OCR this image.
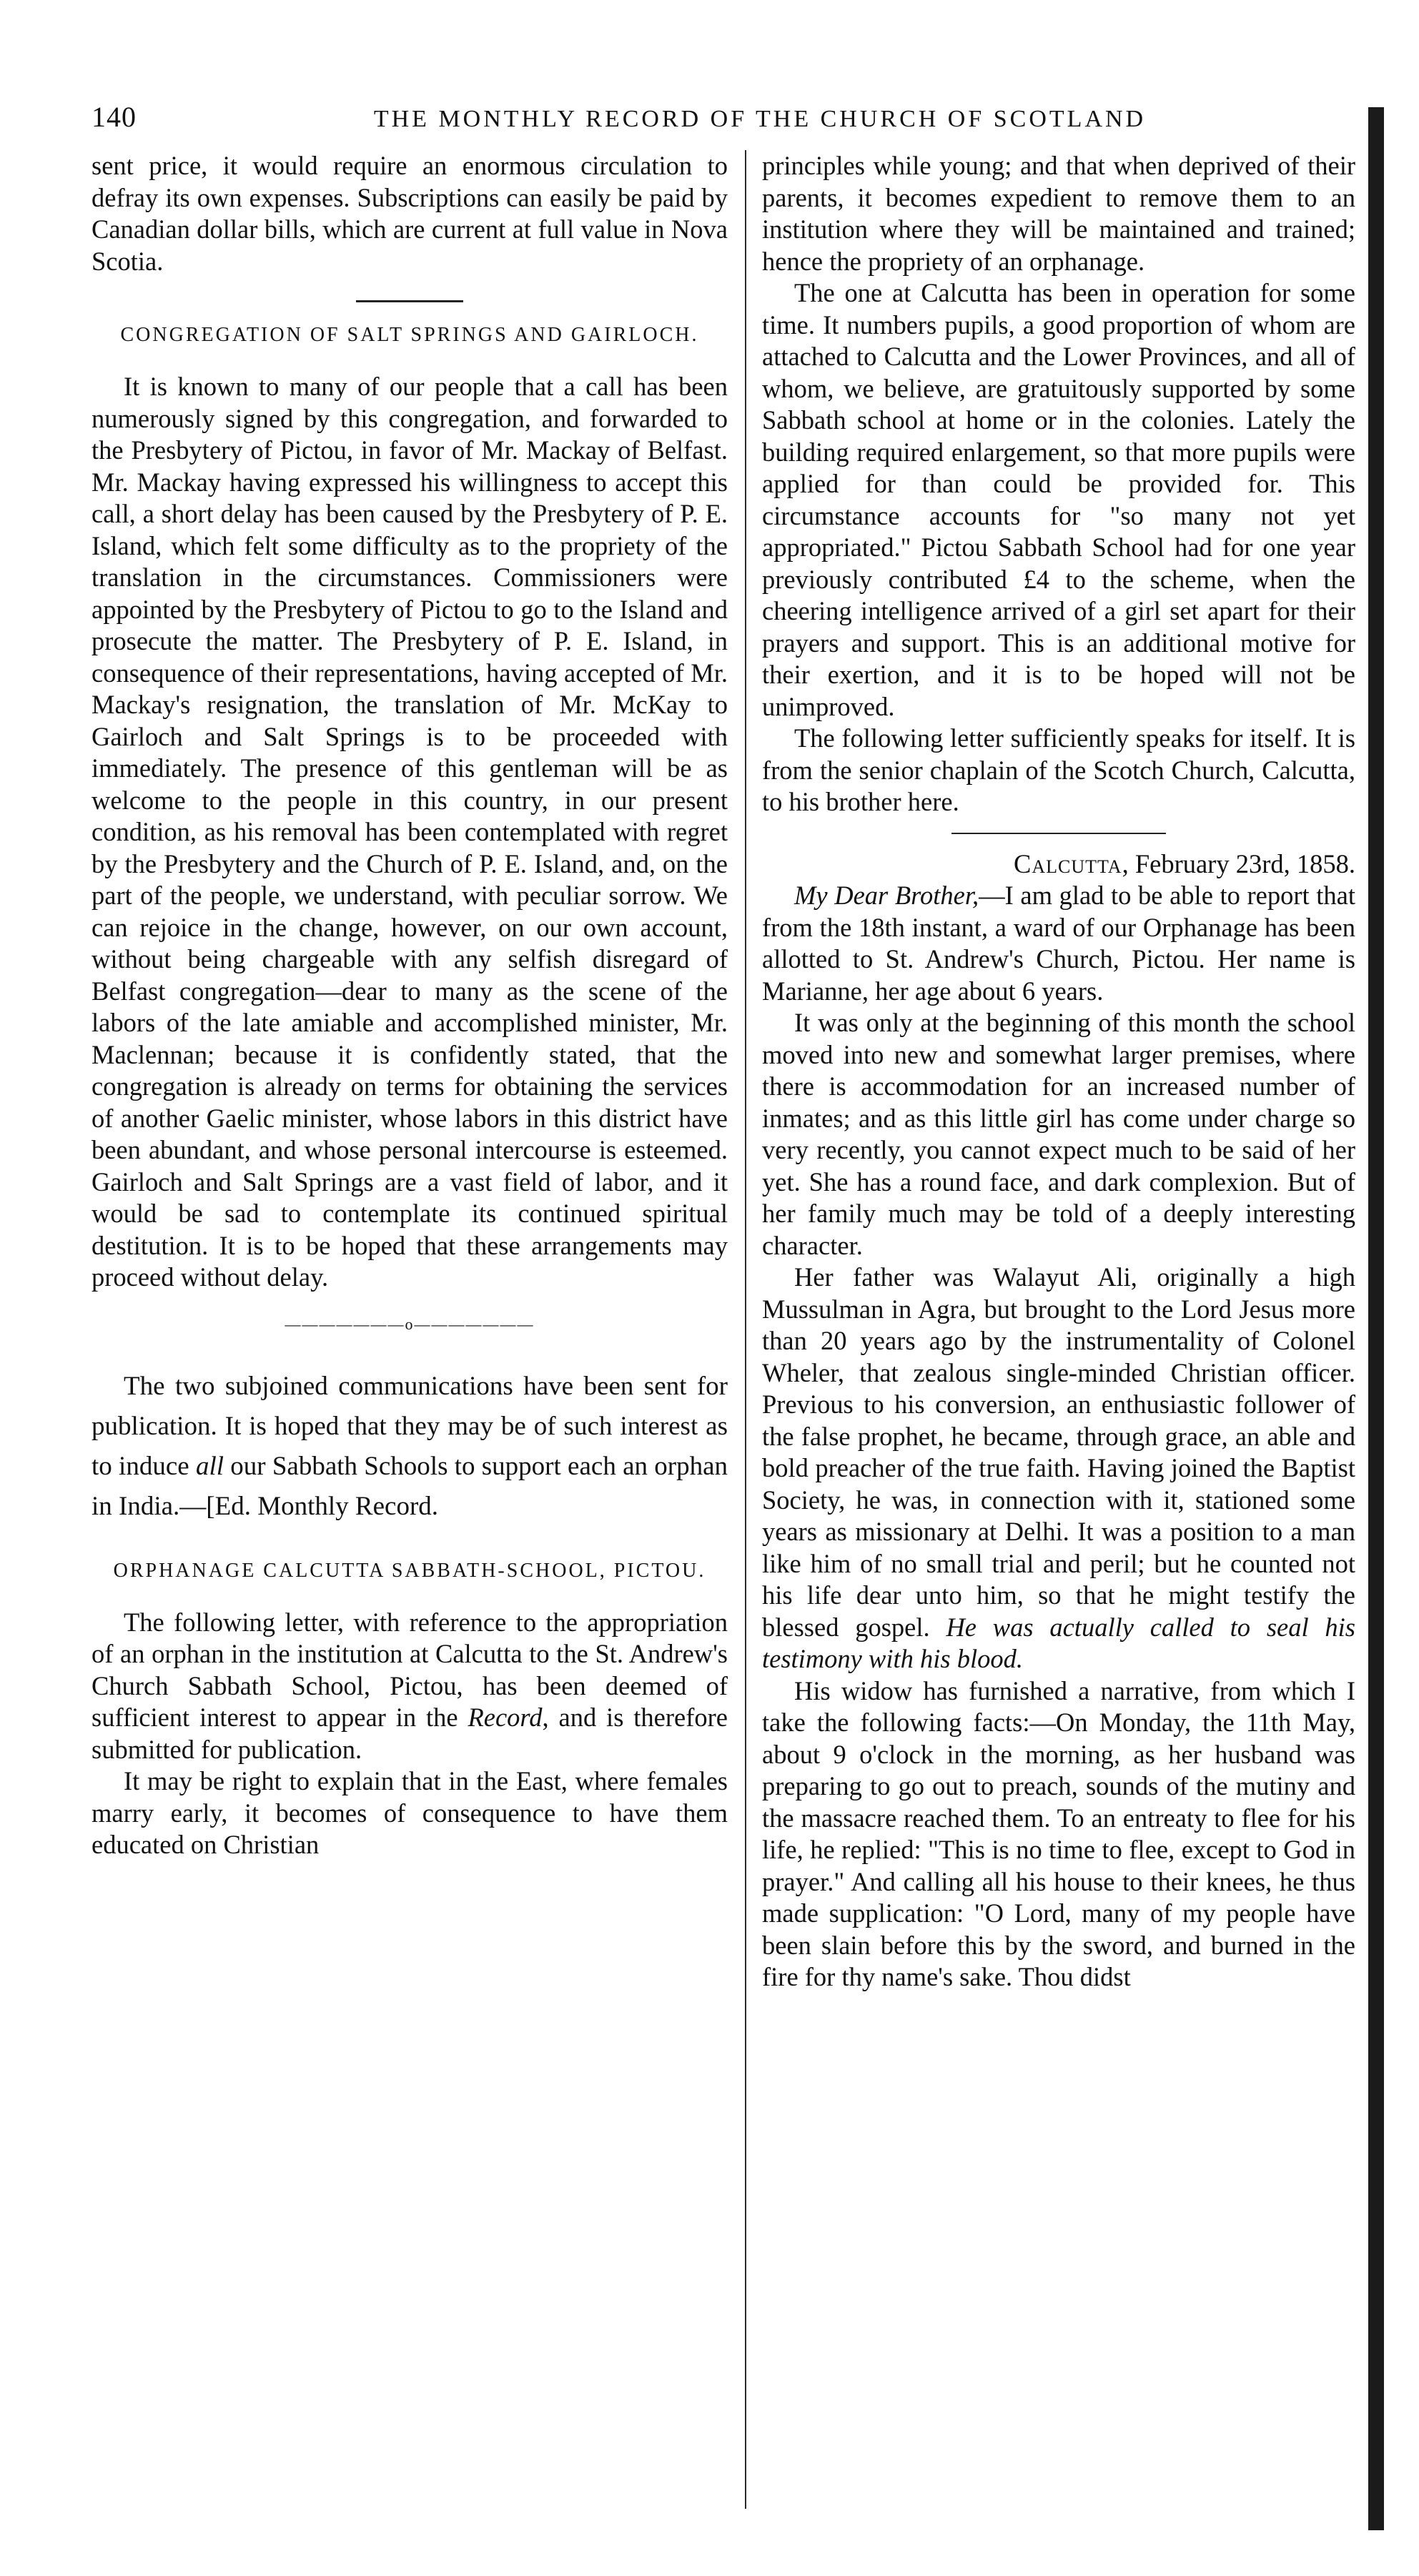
140	THE MONTHLY RECORD OF THE CHURCH OF SCOTLAND

sent price, it would require an enormous circulation to defray its own expenses. Subscriptions can easily be paid by Canadian dollar bills, which are current at full value in Nova Scotia.

CONGREGATION OF SALT SPRINGS AND GAIRLOCH.

It is known to many of our people that a call has been numerously signed by this congregation, and forwarded to the Presbytery of Pictou, in favor of Mr. Mackay of Belfast. Mr. Mackay having expressed his willingness to accept this call, a short delay has been caused by the Presbytery of P. E. Island, which felt some difficulty as to the propriety of the translation in the circumstances. Commissioners were appointed by the Presbytery of Pictou to go to the Island and prosecute the matter. The Presbytery of P. E. Island, in consequence of their representations, having accepted of Mr. Mackay's resignation, the translation of Mr. McKay to Gairloch and Salt Springs is to be proceeded with immediately. The presence of this gentleman will be as welcome to the people in this country, in our present condition, as his removal has been contemplated with regret by the Presbytery and the Church of P. E. Island, and, on the part of the people, we understand, with peculiar sorrow. We can rejoice in the change, however, on our own account, without being chargeable with any selfish disregard of Belfast congregation—dear to many as the scene of the labors of the late amiable and accomplished minister, Mr. Maclennan; because it is confidently stated, that the congregation is already on terms for obtaining the services of another Gaelic minister, whose labors in this district have been abundant, and whose personal intercourse is esteemed. Gairloch and Salt Springs are a vast field of labor, and it would be sad to contemplate its continued spiritual destitution. It is to be hoped that these arrangements may proceed without delay.

———————o———————

The two subjoined communications have been sent for publication. It is hoped that they may be of such interest as to induce all our Sabbath Schools to support each an orphan in India.—[Ed. Monthly Record.

ORPHANAGE CALCUTTA SABBATH-SCHOOL, PICTOU.

The following letter, with reference to the appropriation of an orphan in the institution at Calcutta to the St. Andrew's Church Sabbath School, Pictou, has been deemed of sufficient interest to appear in the Record, and is therefore submitted for publication.

It may be right to explain that in the East, where females marry early, it becomes of consequence to have them educated on Christian

principles while young; and that when deprived of their parents, it becomes expedient to remove them to an institution where they will be maintained and trained; hence the propriety of an orphanage.

The one at Calcutta has been in operation for some time. It numbers pupils, a good proportion of whom are attached to Calcutta and the Lower Provinces, and all of whom, we believe, are gratuitously supported by some Sabbath school at home or in the colonies. Lately the building required enlargement, so that more pupils were applied for than could be provided for. This circumstance accounts for "so many not yet appropriated." Pictou Sabbath School had for one year previously contributed £4 to the scheme, when the cheering intelligence arrived of a girl set apart for their prayers and support. This is an additional motive for their exertion, and it is to be hoped will not be unimproved.

The following letter sufficiently speaks for itself. It is from the senior chaplain of the Scotch Church, Calcutta, to his brother here.

Calcutta, February 23rd, 1858.

My Dear Brother,—I am glad to be able to report that from the 18th instant, a ward of our Orphanage has been allotted to St. Andrew's Church, Pictou. Her name is Marianne, her age about 6 years.

It was only at the beginning of this month the school moved into new and somewhat larger premises, where there is accommodation for an increased number of inmates; and as this little girl has come under charge so very recently, you cannot expect much to be said of her yet. She has a round face, and dark complexion. But of her family much may be told of a deeply interesting character.

Her father was Walayut Ali, originally a high Mussulman in Agra, but brought to the Lord Jesus more than 20 years ago by the instrumentality of Colonel Wheler, that zealous single-minded Christian officer. Previous to his conversion, an enthusiastic follower of the false prophet, he became, through grace, an able and bold preacher of the true faith. Having joined the Baptist Society, he was, in connection with it, stationed some years as missionary at Delhi. It was a position to a man like him of no small trial and peril; but he counted not his life dear unto him, so that he might testify the blessed gospel. He was actually called to seal his testimony with his blood.

His widow has furnished a narrative, from which I take the following facts:—On Monday, the 11th May, about 9 o'clock in the morning, as her husband was preparing to go out to preach, sounds of the mutiny and the massacre reached them. To an entreaty to flee for his life, he replied: "This is no time to flee, except to God in prayer." And calling all his house to their knees, he thus made supplication: "O Lord, many of my people have been slain before this by the sword, and burned in the fire for thy name's sake. Thou didst
